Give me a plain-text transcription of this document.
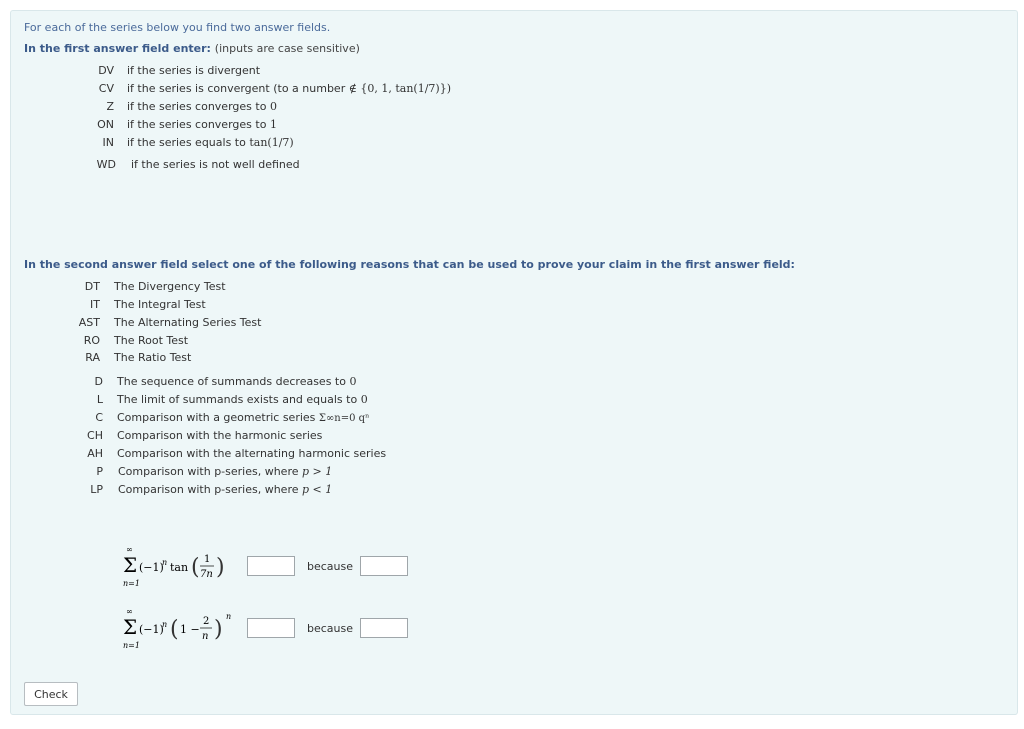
For each of the series below you find two answer fields.
In the first answer field enter: (inputs are case sensitive)
DV if the series is divergent
CV if the series is convergent (to a number ∉ {0, 1, tan(1/7)})
Z if the series converges to 0
ON if the series converges to 1
IN if the series equals to tan(1/7)
WD if the series is not well defined
In the second answer field select one of the following reasons that can be used to prove your claim in the first answer field:
DT The Divergency Test
IT The Integral Test
AST The Alternating Series Test
RO The Root Test
RA The Ratio Test
D The sequence of summands decreases to 0
L The limit of summands exists and equals to 0
C Comparison with a geometric series Σ∞n=0 qⁿ
CH Comparison with the harmonic series
AH Comparison with the alternating harmonic series
P Comparison with p-series, where p > 1
LP Comparison with p-series, where p < 1
∞
Σ
n=1
(−1)
n tan ( 1
7n )	because
∞
Σ
n=1
(−1)
n ( 1 −
2
n )
n
because
Check
